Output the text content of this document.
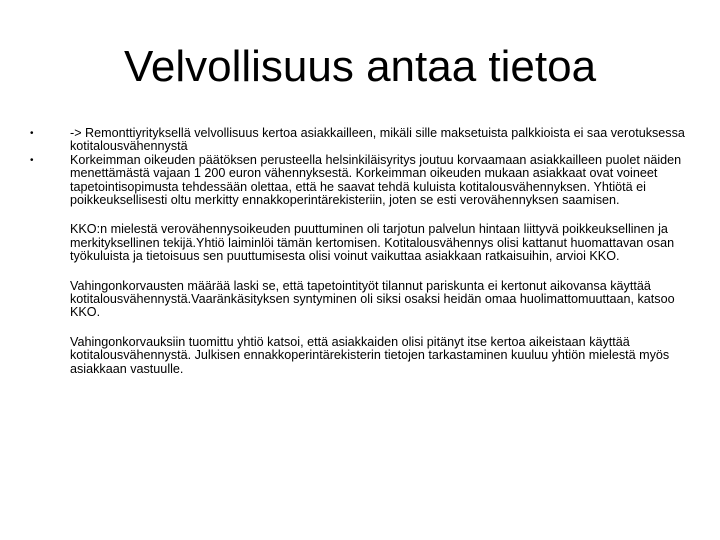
Velvollisuus antaa tietoa
•	-> Remonttiyrityksellä velvollisuus kertoa asiakkailleen, mikäli sille maksetuista palkkioista ei saa verotuksessa kotitalousvähennystä
•	Korkeimman oikeuden päätöksen perusteella helsinkiläisyritys joutuu korvaamaan asiakkailleen puolet näiden menettämästä vajaan 1 200 euron vähennyksestä. Korkeimman oikeuden mukaan asiakkaat ovat voineet tapetointisopimusta tehdessään olettaa, että he saavat tehdä kuluista kotitalousvähennyksen. Yhtiötä ei poikkeuksellisesti oltu merkitty ennakkoperintärekisteriin, joten se esti verovähennyksen saamisen.
KKO:n mielestä verovähennysoikeuden puuttuminen oli tarjotun palvelun hintaan liittyvä poikkeuksellinen ja merkityksellinen tekijä.Yhtiö laiminlöi tämän kertomisen. Kotitalousvähennys olisi kattanut huomattavan osan työkuluista ja tietoisuus sen puuttumisesta olisi voinut vaikuttaa asiakkaan ratkaisuihin, arvioi KKO.
Vahingonkorvausten määrää laski se, että tapetointityöt tilannut pariskunta ei kertonut aikovansa käyttää kotitalousvähennystä.Vaaränkäsityksen syntyminen oli siksi osaksi heidän omaa huolimattomuuttaan, katsoo KKO.
Vahingonkorvauksiin tuomittu yhtiö katsoi, että asiakkaiden olisi pitänyt itse kertoa aikeistaan käyttää kotitalousvähennystä. Julkisen ennakkoperintärekisterin tietojen tarkastaminen kuuluu yhtiön mielestä myös asiakkaan vastuulle.
